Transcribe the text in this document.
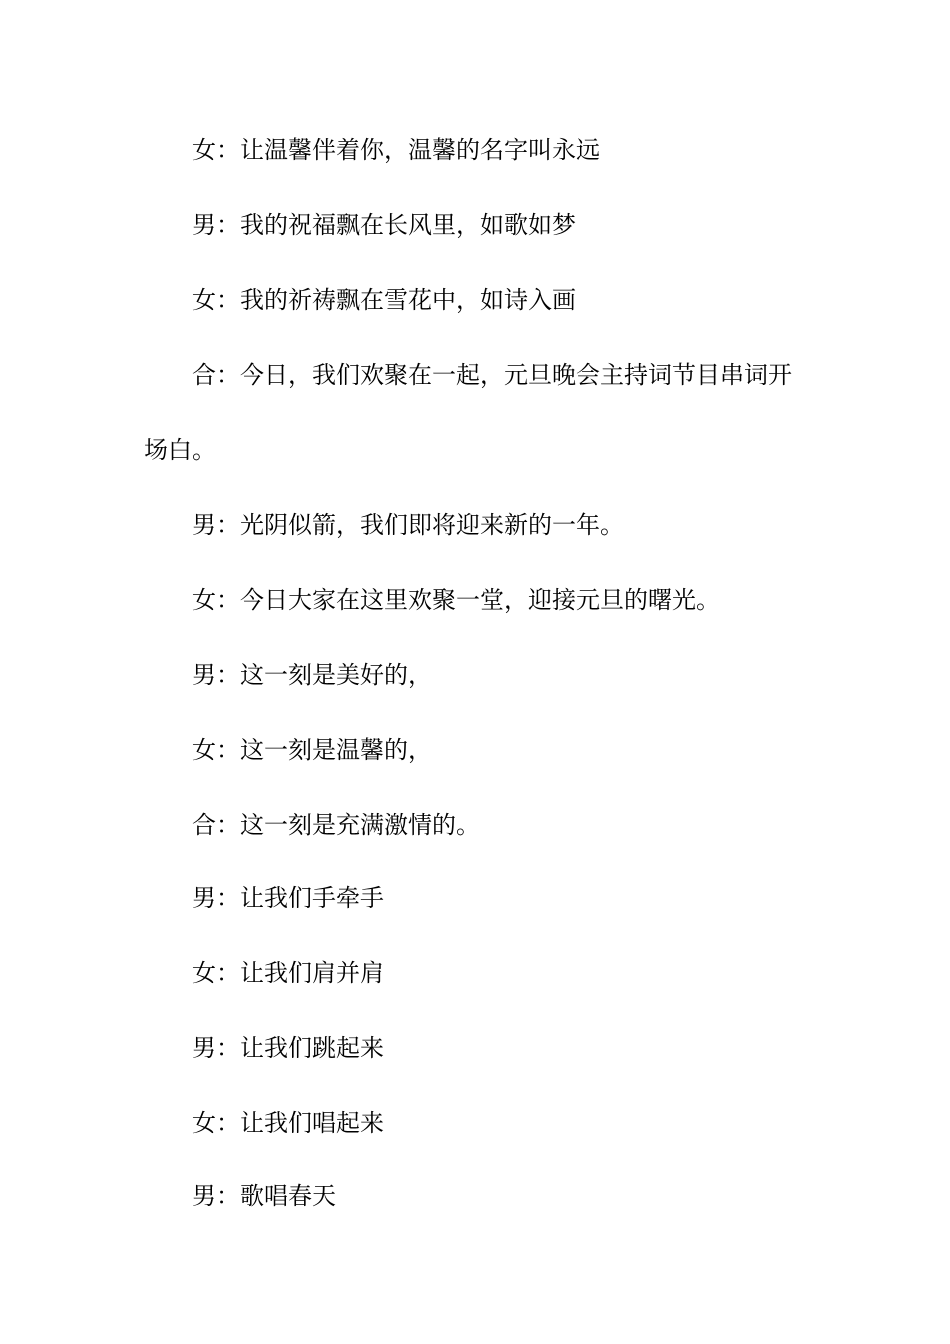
女：让温馨伴着你，温馨的名字叫永远
男：我的祝福飘在长风里，如歌如梦
女：我的祈祷飘在雪花中，如诗入画
合：今日，我们欢聚在一起，元旦晚会主持词节目串词开
场白。
男：光阴似箭，我们即将迎来新的一年。
女：今日大家在这里欢聚一堂，迎接元旦的曙光。
男：这一刻是美好的，
女：这一刻是温馨的，
合：这一刻是充满激情的。
男：让我们手牵手
女：让我们肩并肩
男：让我们跳起来
女：让我们唱起来
男：歌唱春天
